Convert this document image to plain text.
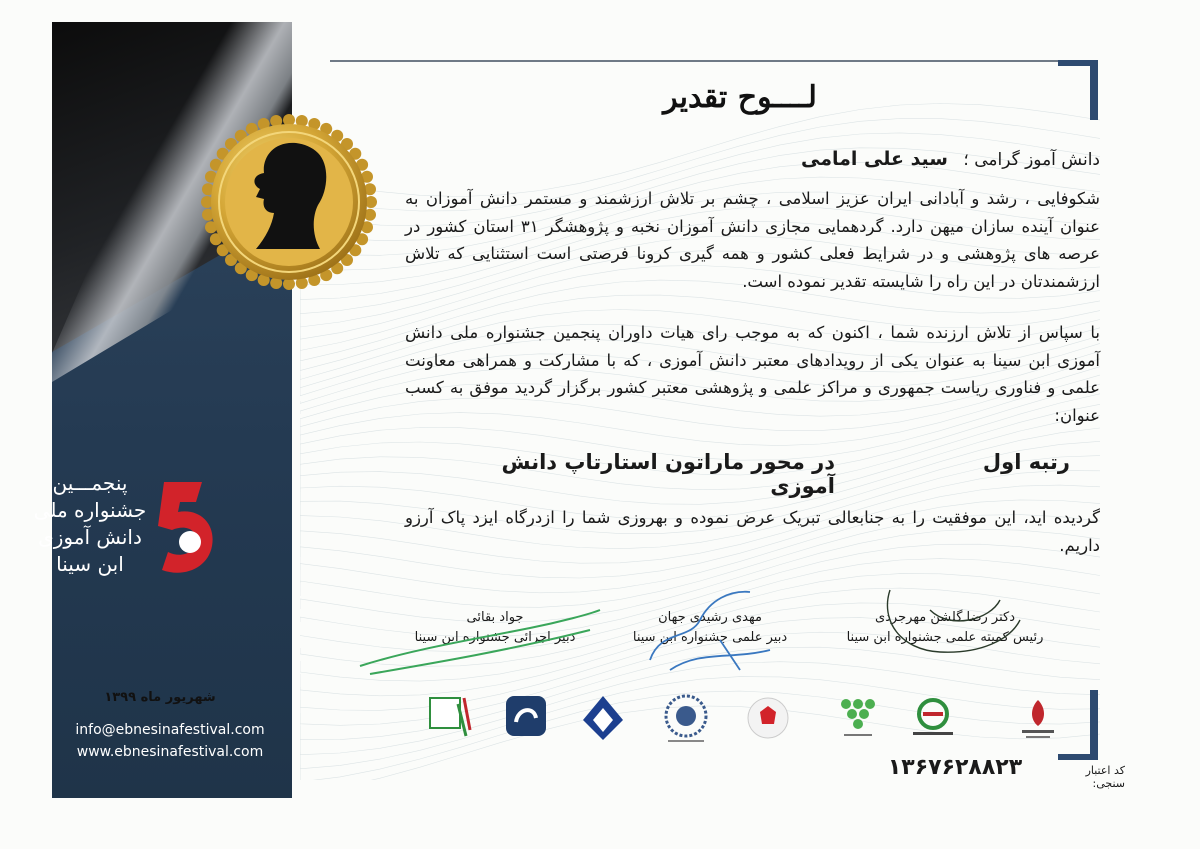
پنجمـــین
جشنواره ملی
دانش آموزی
ابن سینا
شهریور ماه ۱۳۹۹
info@ebnesinafestival.com
www.ebnesinafestival.com
لــــوح تقدیر
دانش آموز گرامی ؛ سید علی امامی
شکوفایی ، رشد و آبادانی ایران عزیز اسلامی ، چشم بر تلاش ارزشمند و مستمر دانش آموزان به عنوان آینده سازان میهن دارد. گردهمایی مجازی دانش آموزان نخبه و پژوهشگر ۳۱ استان کشور در عرصه های پژوهشی و در شرایط فعلی کشور و همه گیری کرونا فرصتی است استثنایی که تلاش ارزشمندتان در این راه را شایسته تقدیر نموده است.
با سپاس از تلاش ارزنده شما ، اکنون که به موجب رای هیات داوران پنجمین جشنواره ملی دانش آموزی ابن سینا به عنوان یکی از رویدادهای معتبر دانش آموزی ، که با مشارکت و همراهی معاونت علمی و فناوری ریاست جمهوری و مراکز علمی و پژوهشی معتبر کشور برگزار گردید موفق به کسب عنوان:
رتبه اول
در محور ماراتون استارتاپ دانش آموزی
گردیده اید، این موفقیت را به جنابعالی تبریک عرض نموده و بهروزی شما را ازدرگاه ایزد پاک آرزو داریم.
دکتر رضا گلشن مهرجردی
رئیس کمیته علمی جشنواره ابن سینا
مهدی رشیدی جهان
دبیر علمی جشنواره ابن سینا
جواد بقائی
دبیر اجرائی جشنواره ابن سینا
کد اعتبار سنجی:
۱۳۶۷۶۲۸۸۲۳
